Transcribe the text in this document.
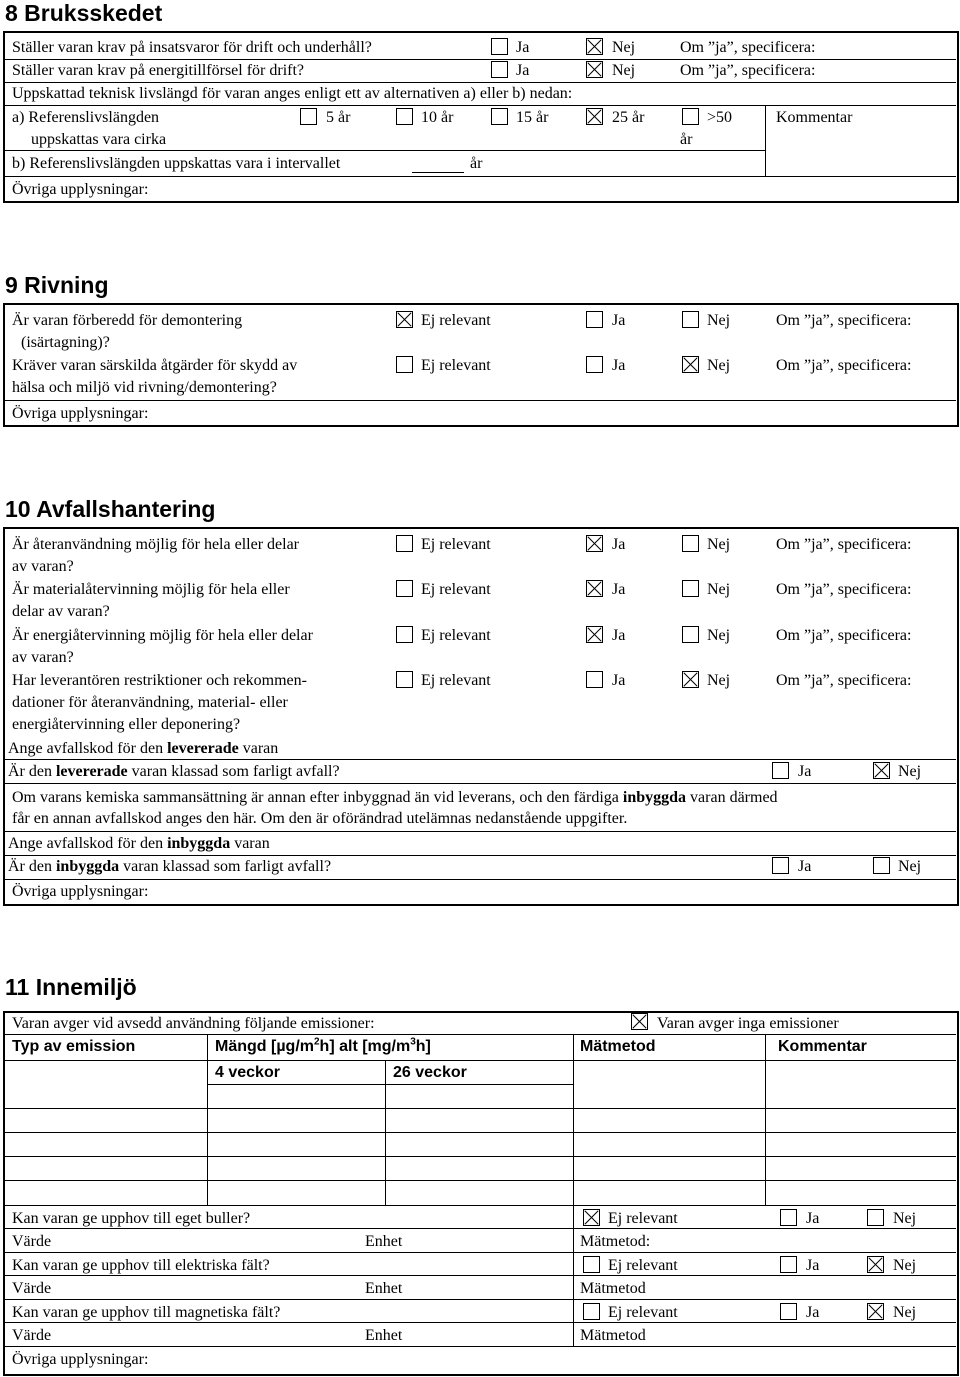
8 Bruksskedet
Ställer varan krav på insatsvaror för drift och underhåll?	Ja	Nej	Om ”ja”, specificera:
Ställer varan krav på energitillförsel för drift?	Ja	Nej	Om ”ja”, specificera:
Uppskattad teknisk livslängd för varan anges enligt ett av alternativen a) eller b) nedan:
a) Referenslivslängden
uppskattas vara cirka
5 år	10 år	15 år	25 år	>50
år
Kommentar
b) Referenslivslängden uppskattas vara i intervallet	år
Övriga upplysningar:
9 Rivning
Är varan förberedd för demontering
(isärtagning)?
Ej relevant	Ja	Nej	Om ”ja”, specificera:
Kräver varan särskilda åtgärder för skydd av
hälsa och miljö vid rivning/demontering?
Ej relevant	Ja	Nej	Om ”ja”, specificera:
Övriga upplysningar:
10 Avfallshantering
Är återanvändning möjlig för hela eller delar
av varan?
Ej relevant	Ja	Nej	Om ”ja”, specificera:
Är materialåtervinning möjlig för hela eller
delar av varan?
Ej relevant	Ja	Nej	Om ”ja”, specificera:
Är energiåtervinning möjlig för hela eller delar
av varan?
Ej relevant	Ja	Nej	Om ”ja”, specificera:
Har leverantören restriktioner och rekommen-
dationer för återanvändning, material- eller
energiåtervinning eller deponering?
Ej relevant	Ja	Nej	Om ”ja”, specificera:
Ange avfallskod för den levererade varan
Är den levererade varan klassad som farligt avfall?	Ja	Nej
Om varans kemiska sammansättning är annan efter inbyggnad än vid leverans, och den färdiga inbyggda varan därmed
får en annan avfallskod anges den här. Om den är oförändrad utelämnas nedanstående uppgifter.
Ange avfallskod för den inbyggda varan
Är den inbyggda varan klassad som farligt avfall?	Ja	Nej
Övriga upplysningar:
11 Innemiljö
Varan avger vid avsedd användning följande emissioner:	Varan avger inga emissioner
Typ av emission	Mängd $[\mu g/m^2h]$ alt $[mg/m^3h]$	Mätmetod	Kommentar
4 veckor	26 veckor
Kan varan ge upphov till eget buller?	Ej relevant	Ja	Nej
Värde	Enhet	Mätmetod:
Kan varan ge upphov till elektriska fält?	Ej relevant	Ja	Nej
Värde	Enhet	Mätmetod
Kan varan ge upphov till magnetiska fält?	Ej relevant	Ja	Nej
Värde	Enhet	Mätmetod
Övriga upplysningar:
